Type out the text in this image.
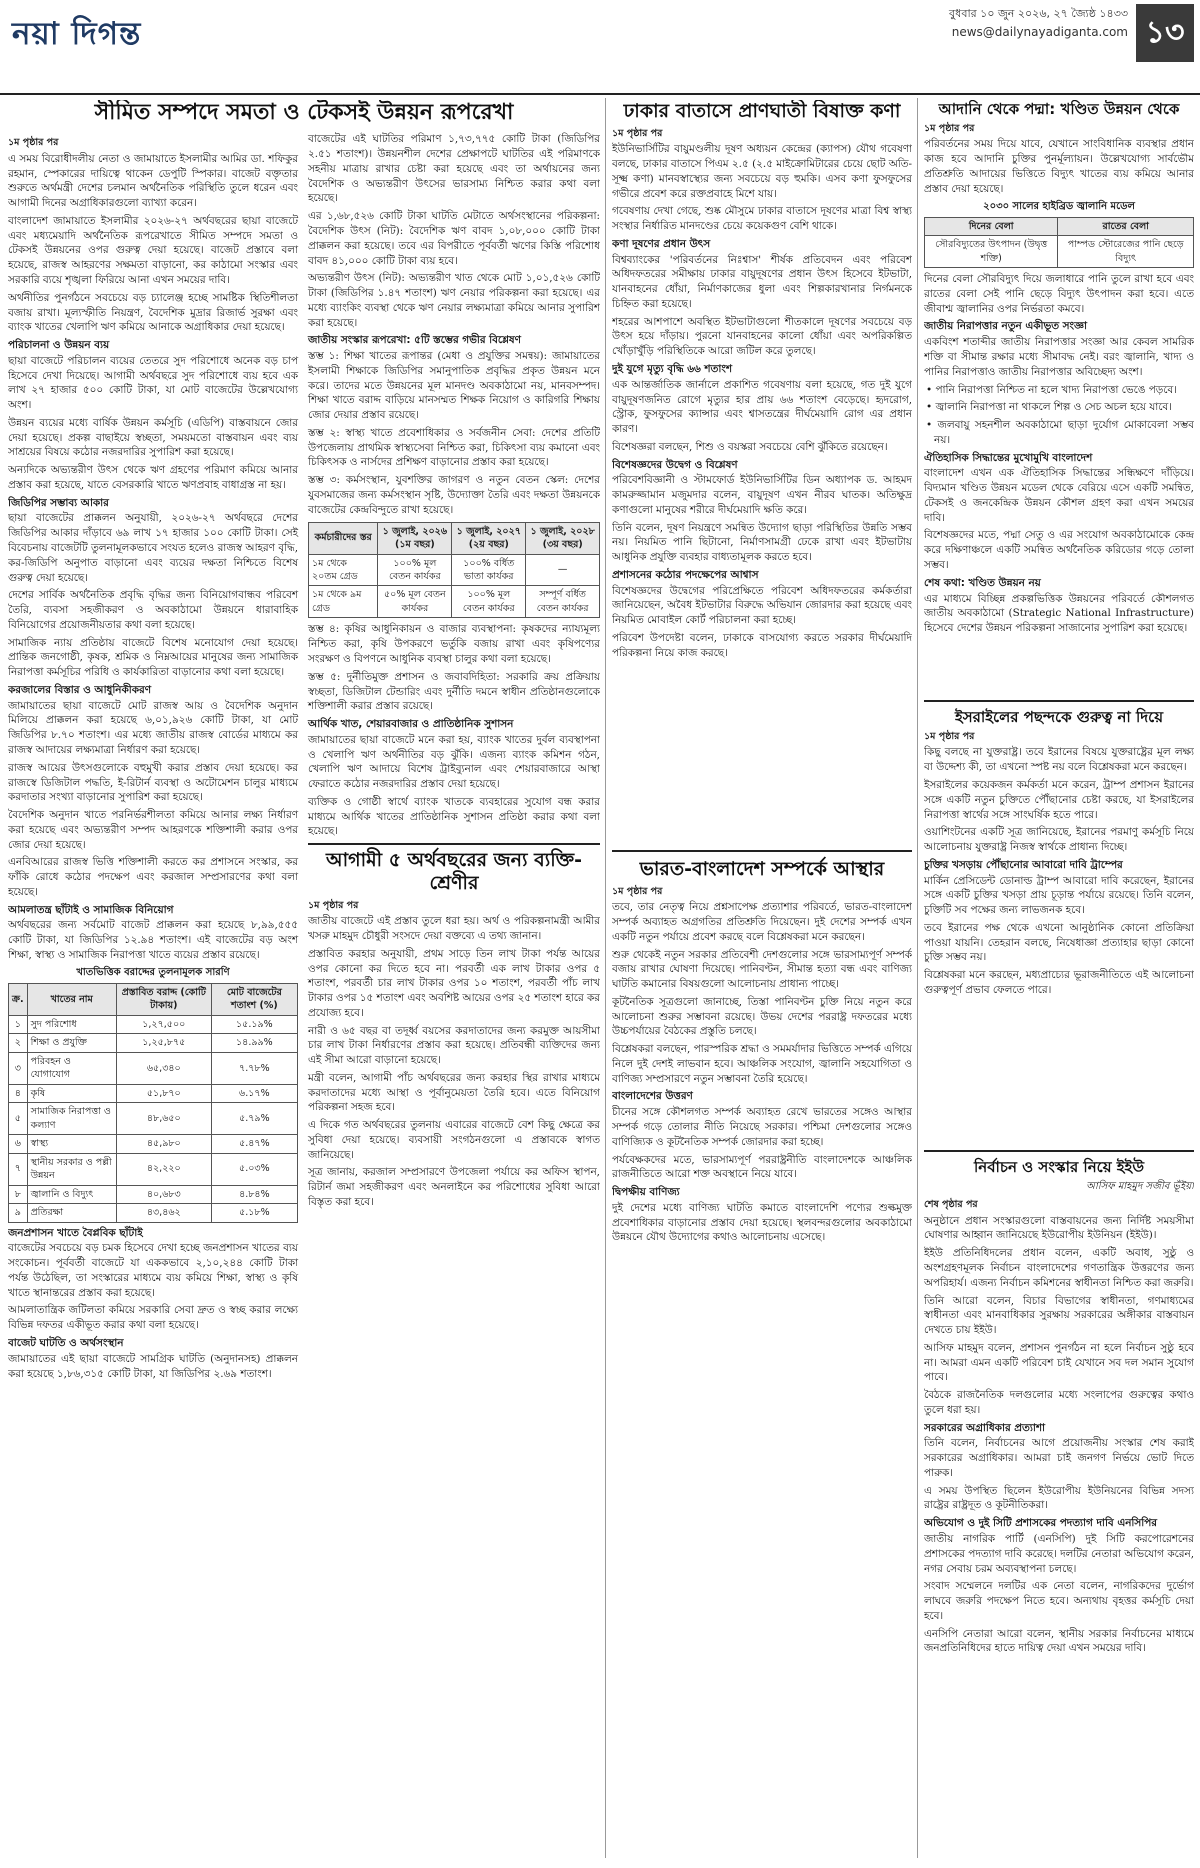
নয়া দিগন্ত
বুধবার ১০ জুন ২০২৬, ২৭ জ্যৈষ্ঠ ১৪৩৩
news@dailynayadiganta.com ১৩
সীমিত সম্পদে সমতা ও টেকসই উন্নয়ন রূপরেখা
১ম পৃষ্ঠার পর

এ সময় বিরোধীদলীয় নেতা ও জামায়াতে ইসলামীর আমির ডা. শফিকুর রহমান, স্পেকারের দায়িত্বে থাকেন ডেপুটি স্পিকার। বাজেট বক্তৃতার শুরুতে অর্থমন্ত্রী দেশের চলমান অর্থনৈতিক পরিস্থিতি তুলে ধরেন এবং আগামী দিনের অগ্রাধিকারগুলো ব্যাখ্যা করেন।

বাংলাদেশ জামায়াতে ইসলামীর ২০২৬-২৭ অর্থবছরের ছায়া বাজেটে এবং মধ্যমেয়াদি অর্থনৈতিক রূপরেখাতে সীমিত সম্পদে সমতা ও টেকসই উন্নয়নের ওপর গুরুত্ব দেয়া হয়েছে। বাজেট প্রস্তাবে বলা হয়েছে, রাজস্ব আহরণের সক্ষমতা বাড়ানো, কর কাঠামো সংস্কার এবং সরকারি ব্যয়ে শৃঙ্খলা ফিরিয়ে আনা এখন সময়ের দাবি।

অর্থনীতির পুনর্গঠনে সবচেয়ে বড় চ্যালেঞ্জ হচ্ছে সামষ্টিক স্থিতিশীলতা বজায় রাখা। মূল্যস্ফীতি নিয়ন্ত্রণ, বৈদেশিক মুদ্রার রিজার্ভ সুরক্ষা এবং ব্যাংক খাতের খেলাপি ঋণ কমিয়ে আনাকে অগ্রাধিকার দেয়া হয়েছে।

পরিচালনা ও উন্নয়ন ব্যয়

ছায়া বাজেটে পরিচালন ব্যয়ের তেতরে সুদ পরিশোধে অনেক বড় চাপ হিসেবে দেখা দিয়েছে। আগামী অর্থবছরে সুদ পরিশোধে ব্যয় হবে এক লাখ ২৭ হাজার ৫০০ কোটি টাকা, যা মোট বাজেটের উল্লেখযোগ্য অংশ।

উন্নয়ন ব্যয়ের মধ্যে বার্ষিক উন্নয়ন কর্মসূচি (এডিপি) বাস্তবায়নে জোর দেয়া হয়েছে। প্রকল্প বাছাইয়ে স্বচ্ছতা, সময়মতো বাস্তবায়ন এবং ব্যয় সাশ্রয়ের বিষয়ে কঠোর নজরদারির সুপারিশ করা হয়েছে।

অন্যদিকে অভ্যন্তরীণ উৎস থেকে ঋণ গ্রহণের পরিমাণ কমিয়ে আনার প্রস্তাব করা হয়েছে, যাতে বেসরকারি খাতে ঋণপ্রবাহ বাধাগ্রস্ত না হয়।

জিডিপির সম্ভাব্য আকার

ছায়া বাজেটের প্রাক্কলন অনুযায়ী, ২০২৬-২৭ অর্থবছরে দেশের জিডিপির আকার দাঁড়াবে ৬৯ লাখ ১৭ হাজার ১০০ কোটি টাকা। সেই বিবেচনায় বাজেটটি তুলনামূলকভাবে সংযত হলেও রাজস্ব আহরণ বৃদ্ধি, কর-জিডিপি অনুপাত বাড়ানো এবং ব্যয়ের দক্ষতা নিশ্চিতে বিশেষ গুরুত্ব দেয়া হয়েছে।

দেশের সার্বিক অর্থনৈতিক প্রবৃদ্ধি বৃদ্ধির জন্য বিনিয়োগবান্ধব পরিবেশ তৈরি, ব্যবসা সহজীকরণ ও অবকাঠামো উন্নয়নে ধারাবাহিক বিনিয়োগের প্রয়োজনীয়তার কথা বলা হয়েছে।

সামাজিক ন্যায় প্রতিষ্ঠায় বাজেটে বিশেষ মনোযোগ দেয়া হয়েছে। প্রান্তিক জনগোষ্ঠী, কৃষক, শ্রমিক ও নিম্নআয়ের মানুষের জন্য সামাজিক নিরাপত্তা কর্মসূচির পরিধি ও কার্যকারিতা বাড়ানোর কথা বলা হয়েছে।

করজালের বিস্তার ও আধুনিকীকরণ

জামায়াতের ছায়া বাজেটে মোট রাজস্ব আয় ও বৈদেশিক অনুদান মিলিয়ে প্রাক্কলন করা হয়েছে ৬,০১,৯২৬ কোটি টাকা, যা মোট জিডিপির ৮.৭০ শতাংশ। এর মধ্যে জাতীয় রাজস্ব বোর্ডের মাধ্যমে কর রাজস্ব আদায়ের লক্ষ্যমাত্রা নির্ধারণ করা হয়েছে।

রাজস্ব আয়ের উৎসগুলোকে বহুমুখী করার প্রস্তাব দেয়া হয়েছে। কর রাজস্বে ডিজিটাল পদ্ধতি, ই-রিটার্ন ব্যবস্থা ও অটোমেশন চালুর মাধ্যমে করদাতার সংখ্যা বাড়ানোর সুপারিশ করা হয়েছে।

বৈদেশিক অনুদান খাতে পরনির্ভরশীলতা কমিয়ে আনার লক্ষ্য নির্ধারণ করা হয়েছে এবং অভ্যন্তরীণ সম্পদ আহরণকে শক্তিশালী করার ওপর জোর দেয়া হয়েছে।

এনবিআরের রাজস্ব ভিত্তি শক্তিশালী করতে কর প্রশাসনে সংস্কার, কর ফাঁকি রোধে কঠোর পদক্ষেপ এবং করজাল সম্প্রসারণের কথা বলা হয়েছে।

আমলাতন্ত্র ছাঁটাই ও সামাজিক বিনিয়োগ

অর্থবছরের জন্য সর্বমোট বাজেট প্রাক্কলন করা হয়েছে ৮,৯৯,৫৫৫ কোটি টাকা, যা জিডিপির ১২.৯৪ শতাংশ। এই বাজেটের বড় অংশ শিক্ষা, স্বাস্থ্য ও সামাজিক নিরাপত্তা খাতে ব্যয়ের প্রস্তাব রয়েছে।

খাতভিত্তিক বরাদ্দের তুলনামূলক সারণি
ক্র.	খাতের নাম	প্রস্তাবিত বরাদ্দ (কোটি টাকায়)	মোট বাজেটের শতাংশ (%)
১	সুদ পরিশোধ	১,২৭,৫০০	১৫.১৯%
২	শিক্ষা ও প্রযুক্তি	১,২৫,৮৭৫	১৪.৯৯%
৩	পরিবহন ও যোগাযোগ	৬৫,৩৪০	৭.৭৮%
৪	কৃষি	৫১,৮৭০	৬.১৭%
৫	সামাজিক নিরাপত্তা ও কল্যাণ	৪৮,৬৫০	৫.৭৯%
৬	স্বাস্থ্য	৪৫,৯৮০	৫.৪৭%
৭	স্থানীয় সরকার ও পল্লী উন্নয়ন	৪২,২২০	৫.০৩%
৮	জ্বালানি ও বিদ্যুৎ	৪০,৬৮৩	৪.৮৪%
৯	প্রতিরক্ষা	৪৩,৪৬২	৫.১৮%
জনপ্রশাসন খাতে বৈপ্লবিক ছাঁটাই

বাজেটের সবচেয়ে বড় চমক হিসেবে দেখা হচ্ছে জনপ্রশাসন খাতের ব্যয় সংকোচন। পূর্ববর্তী বাজেটে যা এককভাবে ২,১০,২৪৪ কোটি টাকা পর্যন্ত উঠেছিল, তা সংস্কারের মাধ্যমে ব্যয় কমিয়ে শিক্ষা, স্বাস্থ্য ও কৃষি খাতে স্থানান্তরের প্রস্তাব করা হয়েছে।

আমলাতান্ত্রিক জটিলতা কমিয়ে সরকারি সেবা দ্রুত ও স্বচ্ছ করার লক্ষ্যে বিভিন্ন দফতর একীভূত করার কথা বলা হয়েছে।

বাজেট ঘাটতি ও অর্থসংস্থান

জামায়াতের এই ছায়া বাজেটে সামগ্রিক ঘাটতি (অনুদানসহ) প্রাক্কলন করা হয়েছে ১,৮৬,৩১৫ কোটি টাকা, যা জিডিপির ২.৬৯ শতাংশ।

বাজেটের এই ঘাটতির পরিমাণ ১,৭৩,৭৭৫ কোটি টাকা (জিডিপির ২.৫১ শতাংশ)। উন্নয়নশীল দেশের প্রেক্ষাপটে ঘাটতির এই পরিমাণকে সহনীয় মাত্রায় রাখার চেষ্টা করা হয়েছে এবং তা অর্থায়নের জন্য বৈদেশিক ও অভ্যন্তরীণ উৎসের ভারসাম্য নিশ্চিত করার কথা বলা হয়েছে।

এর ১,৬৮,৫২৬ কোটি টাকা ঘাটতি মেটাতে অর্থসংস্থানের পরিকল্পনা: বৈদেশিক উৎস (নিট): বৈদেশিক ঋণ বাবদ ১,০৮,০০০ কোটি টাকা প্রাক্কলন করা হয়েছে। তবে এর বিপরীতে পূর্ববর্তী ঋণের কিস্তি পরিশোধ বাবদ ৪১,০০০ কোটি টাকা ব্যয় হবে।

অভ্যন্তরীণ উৎস (নিট): অভ্যন্তরীণ খাত থেকে মোট ১,০১,৫২৬ কোটি টাকা (জিডিপির ১.৪৭ শতাংশ) ঋণ নেয়ার পরিকল্পনা করা হয়েছে। এর মধ্যে ব্যাংকিং ব্যবস্থা থেকে ঋণ নেয়ার লক্ষ্যমাত্রা কমিয়ে আনার সুপারিশ করা হয়েছে।

জাতীয় সংস্কার রূপরেখা: ৫টি স্তম্ভের গভীর বিশ্লেষণ

স্তম্ভ ১: শিক্ষা খাতের রূপান্তর (মেধা ও প্রযুক্তির সমন্বয়): জামায়াতের ইসলামী শিক্ষাকে জিডিপির সমানুপাতিক প্রবৃদ্ধির প্রকৃত উন্নয়ন মনে করে। তাদের মতে উন্নয়নের মূল মানদণ্ড অবকাঠামো নয়, মানবসম্পদ। শিক্ষা খাতে বরাদ্দ বাড়িয়ে মানসম্মত শিক্ষক নিয়োগ ও কারিগরি শিক্ষায় জোর দেয়ার প্রস্তাব রয়েছে।

স্তম্ভ ২: স্বাস্থ্য খাতে প্রবেশাধিকার ও সর্বজনীন সেবা: দেশের প্রতিটি উপজেলায় প্রাথমিক স্বাস্থ্যসেবা নিশ্চিত করা, চিকিৎসা ব্যয় কমানো এবং চিকিৎসক ও নার্সদের প্রশিক্ষণ বাড়ানোর প্রস্তাব করা হয়েছে।

স্তম্ভ ৩: কর্মসংস্থান, যুবশক্তির জাগরণ ও নতুন বেতন স্কেল: দেশের যুবসমাজের জন্য কর্মসংস্থান সৃষ্টি, উদ্যোক্তা তৈরি এবং দক্ষতা উন্নয়নকে বাজেটের কেন্দ্রবিন্দুতে রাখা হয়েছে।

কর্মচারীদের স্তর	১ জুলাই, ২০২৬ (১ম বছর)	১ জুলাই, ২০২৭ (২য় বছর)	১ জুলাই, ২০২৮ (৩য় বছর)
১ম থেকে ২০তম গ্রেড	১০০% মূল বেতন কার্যকর	১০০% বর্ধিত ভাতা কার্যকর	—
১ম থেকে ৯ম গ্রেড	৫০% মূল বেতন কার্যকর	১০০% মূল বেতন কার্যকর	সম্পূর্ণ বর্ধিত বেতন কার্যকর

স্তম্ভ ৪: কৃষির আধুনিকায়ন ও বাজার ব্যবস্থাপনা: কৃষকদের ন্যায্যমূল্য নিশ্চিত করা, কৃষি উপকরণে ভর্তুকি বজায় রাখা এবং কৃষিপণ্যের সংরক্ষণ ও বিপণনে আধুনিক ব্যবস্থা চালুর কথা বলা হয়েছে।

স্তম্ভ ৫: দুর্নীতিমুক্ত প্রশাসন ও জবাবদিহিতা: সরকারি ক্রয় প্রক্রিয়ায় স্বচ্ছতা, ডিজিটাল টেন্ডারিং এবং দুর্নীতি দমনে স্বাধীন প্রতিষ্ঠানগুলোকে শক্তিশালী করার প্রস্তাব রয়েছে।

আর্থিক খাত, শেয়ারবাজার ও প্রাতিষ্ঠানিক সুশাসন

জামায়াতের ছায়া বাজেটে মনে করা হয়, ব্যাংক খাতের দুর্বল ব্যবস্থাপনা ও খেলাপি ঋণ অর্থনীতির বড় ঝুঁকি। এজন্য ব্যাংক কমিশন গঠন, খেলাপি ঋণ আদায়ে বিশেষ ট্রাইব্যুনাল এবং শেয়ারবাজারে আস্থা ফেরাতে কঠোর নজরদারির প্রস্তাব দেয়া হয়েছে।

ব্যক্তিক ও গোষ্ঠী স্বার্থে ব্যাংক খাতকে ব্যবহারের সুযোগ বন্ধ করার মাধ্যমে আর্থিক খাতের প্রাতিষ্ঠানিক সুশাসন প্রতিষ্ঠা করার কথা বলা হয়েছে।

আগামী ৫ অর্থবছরের জন্য ব্যক্তি-শ্রেণীর
১ম পৃষ্ঠার পর

জাতীয় বাজেটে এই প্রস্তাব তুলে ধরা হয়। অর্থ ও পরিকল্পনামন্ত্রী আমীর খসরু মাহমুদ চৌধুরী সংসদে দেয়া বক্তব্যে এ তথ্য জানান।

প্রস্তাবিত করহার অনুযায়ী, প্রথম সাড়ে তিন লাখ টাকা পর্যন্ত আয়ের ওপর কোনো কর দিতে হবে না। পরবর্তী এক লাখ টাকার ওপর ৫ শতাংশ, পরবর্তী চার লাখ টাকার ওপর ১০ শতাংশ, পরবর্তী পাঁচ লাখ টাকার ওপর ১৫ শতাংশ এবং অবশিষ্ট আয়ের ওপর ২৫ শতাংশ হারে কর প্রযোজ্য হবে।

নারী ও ৬৫ বছর বা তদূর্ধ্ব বয়সের করদাতাদের জন্য করমুক্ত আয়সীমা চার লাখ টাকা নির্ধারণের প্রস্তাব করা হয়েছে। প্রতিবন্ধী ব্যক্তিদের জন্য এই সীমা আরো বাড়ানো হয়েছে।

মন্ত্রী বলেন, আগামী পাঁচ অর্থবছরের জন্য করহার স্থির রাখার মাধ্যমে করদাতাদের মধ্যে আস্থা ও পূর্বানুমেয়তা তৈরি হবে। এতে বিনিয়োগ পরিকল্পনা সহজ হবে।

এ দিকে গত অর্থবছরের তুলনায় এবারের বাজেটে বেশ কিছু ক্ষেত্রে কর সুবিধা দেয়া হয়েছে। ব্যবসায়ী সংগঠনগুলো এ প্রস্তাবকে স্বাগত জানিয়েছে।

সূত্র জানায়, করজাল সম্প্রসারণে উপজেলা পর্যায়ে কর অফিস স্থাপন, রিটার্ন জমা সহজীকরণ এবং অনলাইনে কর পরিশোধের সুবিধা আরো বিস্তৃত করা হবে।

ঢাকার বাতাসে প্রাণঘাতী বিষাক্ত কণা
১ম পৃষ্ঠার পর

ইউনিভার্সিটির বায়ুমণ্ডলীয় দূষণ অধ্যয়ন কেন্দ্রের (ক্যাপস) যৌথ গবেষণা বলছে, ঢাকার বাতাসে পিএম ২.৫ (২.৫ মাইক্রোমিটারের চেয়ে ছোট অতি-সূক্ষ্ম কণা) মানবস্বাস্থ্যের জন্য সবচেয়ে বড় হুমকি। এসব কণা ফুসফুসের গভীরে প্রবেশ করে রক্তপ্রবাহে মিশে যায়।

গবেষণায় দেখা গেছে, শুষ্ক মৌসুমে ঢাকার বাতাসে দূষণের মাত্রা বিশ্ব স্বাস্থ্য সংস্থার নির্ধারিত মানদণ্ডের চেয়ে কয়েকগুণ বেশি থাকে।

কণা দূষণের প্রধান উৎস

বিশ্বব্যাংকের 'পরিবর্তনের নিঃশ্বাস' শীর্ষক প্রতিবেদন এবং পরিবেশ অধিদফতরের সমীক্ষায় ঢাকার বায়ুদূষণের প্রধান উৎস হিসেবে ইটভাটা, যানবাহনের ধোঁয়া, নির্মাণকাজের ধুলা এবং শিল্পকারখানার নির্গমনকে চিহ্নিত করা হয়েছে।

শহরের আশপাশে অবস্থিত ইটভাটাগুলো শীতকালে দূষণের সবচেয়ে বড় উৎস হয়ে দাঁড়ায়। পুরনো যানবাহনের কালো ধোঁয়া এবং অপরিকল্পিত খোঁড়াখুঁড়ি পরিস্থিতিকে আরো জটিল করে তুলছে।

দুই যুগে মৃত্যু বৃদ্ধি ৬৬ শতাংশ

এক আন্তর্জাতিক জার্নালে প্রকাশিত গবেষণায় বলা হয়েছে, গত দুই যুগে বায়ুদূষণজনিত রোগে মৃত্যুর হার প্রায় ৬৬ শতাংশ বেড়েছে। হৃদরোগ, স্ট্রোক, ফুসফুসের ক্যান্সার এবং শ্বাসতন্ত্রের দীর্ঘমেয়াদি রোগ এর প্রধান কারণ।

বিশেষজ্ঞরা বলছেন, শিশু ও বয়স্করা সবচেয়ে বেশি ঝুঁকিতে রয়েছেন।

বিশেষজ্ঞদের উদ্বেগ ও বিশ্লেষণ

পরিবেশবিজ্ঞানী ও স্টামফোর্ড ইউনিভার্সিটির ডিন অধ্যাপক ড. আহমদ কামরুজ্জামান মজুমদার বলেন, বায়ুদূষণ এখন নীরব ঘাতক। অতিক্ষুদ্র কণাগুলো মানুষের শরীরে দীর্ঘমেয়াদি ক্ষতি করে।

তিনি বলেন, দূষণ নিয়ন্ত্রণে সমন্বিত উদ্যোগ ছাড়া পরিস্থিতির উন্নতি সম্ভব নয়। নিয়মিত পানি ছিটানো, নির্মাণসামগ্রী ঢেকে রাখা এবং ইটভাটায় আধুনিক প্রযুক্তি ব্যবহার বাধ্যতামূলক করতে হবে।

প্রশাসনের কঠোর পদক্ষেপের আশ্বাস

বিশেষজ্ঞদের উদ্বেগের পরিপ্রেক্ষিতে পরিবেশ অধিদফতরের কর্মকর্তারা জানিয়েছেন, অবৈধ ইটভাটার বিরুদ্ধে অভিযান জোরদার করা হয়েছে এবং নিয়মিত মোবাইল কোর্ট পরিচালনা করা হচ্ছে।

পরিবেশ উপদেষ্টা বলেন, ঢাকাকে বাসযোগ্য করতে সরকার দীর্ঘমেয়াদি পরিকল্পনা নিয়ে কাজ করছে।

ভারত-বাংলাদেশ সম্পর্কে আস্থার
১ম পৃষ্ঠার পর

তবে, তার নেতৃত্ব নিয়ে প্রশ্নসাপেক্ষ প্রত্যাশার পরিবর্তে, ভারত-বাংলাদেশ সম্পর্ক অব্যাহত অগ্রগতির প্রতিশ্রুতি দিয়েছেন। দুই দেশের সম্পর্ক এখন একটি নতুন পর্যায়ে প্রবেশ করছে বলে বিশ্লেষকরা মনে করছেন।

শুরু থেকেই নতুন সরকার প্রতিবেশী দেশগুলোর সঙ্গে ভারসাম্যপূর্ণ সম্পর্ক বজায় রাখার ঘোষণা দিয়েছে। পানিবণ্টন, সীমান্ত হত্যা বন্ধ এবং বাণিজ্য ঘাটতি কমানোর বিষয়গুলো আলোচনায় প্রাধান্য পাচ্ছে।

কূটনৈতিক সূত্রগুলো জানাচ্ছে, তিস্তা পানিবণ্টন চুক্তি নিয়ে নতুন করে আলোচনা শুরুর সম্ভাবনা রয়েছে। উভয় দেশের পররাষ্ট্র দফতরের মধ্যে উচ্চপর্যায়ের বৈঠকের প্রস্তুতি চলছে।

বিশ্লেষকরা বলছেন, পারস্পরিক শ্রদ্ধা ও সমমর্যাদার ভিত্তিতে সম্পর্ক এগিয়ে নিলে দুই দেশই লাভবান হবে। আঞ্চলিক সংযোগ, জ্বালানি সহযোগিতা ও বাণিজ্য সম্প্রসারণে নতুন সম্ভাবনা তৈরি হয়েছে।

বাংলাদেশের উত্তরণ

চীনের সঙ্গে কৌশলগত সম্পর্ক অব্যাহত রেখে ভারতের সঙ্গেও আস্থার সম্পর্ক গড়ে তোলার নীতি নিয়েছে সরকার। পশ্চিমা দেশগুলোর সঙ্গেও বাণিজ্যিক ও কূটনৈতিক সম্পর্ক জোরদার করা হচ্ছে।

পর্যবেক্ষকদের মতে, ভারসাম্যপূর্ণ পররাষ্ট্রনীতি বাংলাদেশকে আঞ্চলিক রাজনীতিতে আরো শক্ত অবস্থানে নিয়ে যাবে।

দ্বিপক্ষীয় বাণিজ্য

দুই দেশের মধ্যে বাণিজ্য ঘাটতি কমাতে বাংলাদেশি পণ্যের শুল্কমুক্ত প্রবেশাধিকার বাড়ানোর প্রস্তাব দেয়া হয়েছে। স্থলবন্দরগুলোর অবকাঠামো উন্নয়নে যৌথ উদ্যোগের কথাও আলোচনায় এসেছে।

আদানি থেকে পদ্মা: খণ্ডিত উন্নয়ন থেকে
১ম পৃষ্ঠার পর

পরিবর্তনের সময় দিয়ে যাবে, যেখানে সাংবিধানিক ব্যবস্থার প্রধান কাজ হবে আদানি চুক্তির পুনর্মূল্যায়ন। উল্লেখযোগ্য সার্বভৌম প্রতিশ্রুতি আদায়ের ভিত্তিতে বিদ্যুৎ খাতের ব্যয় কমিয়ে আনার প্রস্তাব দেয়া হয়েছে।

২০৩০ সালের হাইব্রিড জ্বালানি মডেল
দিনের বেলা	রাতের বেলা
সৌরবিদ্যুতের উৎপাদন (উদ্বৃত্ত শক্তি)	পাম্পড স্টোরেজের পানি ছেড়ে বিদ্যুৎ

দিনের বেলা সৌরবিদ্যুৎ দিয়ে জলাধারে পানি তুলে রাখা হবে এবং রাতের বেলা সেই পানি ছেড়ে বিদ্যুৎ উৎপাদন করা হবে। এতে জীবাশ্ম জ্বালানির ওপর নির্ভরতা কমবে।

জাতীয় নিরাপত্তার নতুন একীভূত সংজ্ঞা

একবিংশ শতাব্দীর জাতীয় নিরাপত্তার সংজ্ঞা আর কেবল সামরিক শক্তি বা সীমান্ত রক্ষার মধ্যে সীমাবদ্ধ নেই। বরং জ্বালানি, খাদ্য ও পানির নিরাপত্তাও জাতীয় নিরাপত্তার অবিচ্ছেদ্য অংশ।

• পানি নিরাপত্তা নিশ্চিত না হলে খাদ্য নিরাপত্তা ভেঙে পড়বে।

• জ্বালানি নিরাপত্তা না থাকলে শিল্প ও সেচ অচল হয়ে যাবে।

• জলবায়ু সহনশীল অবকাঠামো ছাড়া দুর্যোগ মোকাবেলা সম্ভব নয়।

ঐতিহাসিক সিদ্ধান্তের মুখোমুখি বাংলাদেশ

বাংলাদেশ এখন এক ঐতিহাসিক সিদ্ধান্তের সন্ধিক্ষণে দাঁড়িয়ে। বিদ্যমান খণ্ডিত উন্নয়ন মডেল থেকে বেরিয়ে এসে একটি সমন্বিত, টেকসই ও জনকেন্দ্রিক উন্নয়ন কৌশল গ্রহণ করা এখন সময়ের দাবি।

বিশেষজ্ঞদের মতে, পদ্মা সেতু ও এর সংযোগ অবকাঠামোকে কেন্দ্র করে দক্ষিণাঞ্চলে একটি সমন্বিত অর্থনৈতিক করিডোর গড়ে তোলা সম্ভব।

শেষ কথা: খণ্ডিত উন্নয়ন নয়

এর মাধ্যমে বিচ্ছিন্ন প্রকল্পভিত্তিক উন্নয়নের পরিবর্তে কৌশলগত জাতীয় অবকাঠামো (Strategic National Infrastructure) হিসেবে দেশের উন্নয়ন পরিকল্পনা সাজানোর সুপারিশ করা হয়েছে।

ইসরাইলের পছন্দকে গুরুত্ব না দিয়ে
১ম পৃষ্ঠার পর

কিছু বলছে না যুক্তরাষ্ট্র। তবে ইরানের বিষয়ে যুক্তরাষ্ট্রের মূল লক্ষ্য বা উদ্দেশ্য কী, তা এখনো স্পষ্ট নয় বলে বিশ্লেষকরা মনে করছেন।

ইসরাইলের কয়েকজন কর্মকর্তা মনে করেন, ট্রাম্প প্রশাসন ইরানের সঙ্গে একটি নতুন চুক্তিতে পৌঁছানোর চেষ্টা করছে, যা ইসরাইলের নিরাপত্তা স্বার্থের সঙ্গে সাংঘর্ষিক হতে পারে।

ওয়াশিংটনের একটি সূত্র জানিয়েছে, ইরানের পরমাণু কর্মসূচি নিয়ে আলোচনায় যুক্তরাষ্ট্র নিজস্ব স্বার্থকে প্রাধান্য দিচ্ছে।

চুক্তির খসড়ায় পৌঁছানোর আবারো দাবি ট্রাম্পের

মার্কিন প্রেসিডেন্ট ডোনাল্ড ট্রাম্প আবারো দাবি করেছেন, ইরানের সঙ্গে একটি চুক্তির খসড়া প্রায় চূড়ান্ত পর্যায়ে রয়েছে। তিনি বলেন, চুক্তিটি সব পক্ষের জন্য লাভজনক হবে।

তবে ইরানের পক্ষ থেকে এখনো আনুষ্ঠানিক কোনো প্রতিক্রিয়া পাওয়া যায়নি। তেহরান বলছে, নিষেধাজ্ঞা প্রত্যাহার ছাড়া কোনো চুক্তি সম্ভব নয়।

বিশ্লেষকরা মনে করছেন, মধ্যপ্রাচ্যের ভূরাজনীতিতে এই আলোচনা গুরুত্বপূর্ণ প্রভাব ফেলতে পারে।

নির্বাচন ও সংস্কার নিয়ে ইইউ
আসিফ মাহমুদ সজীব ভূঁইয়া
শেষ পৃষ্ঠার পর

অনুষ্ঠানে প্রধান সংস্কারগুলো বাস্তবায়নের জন্য নিৰ্দিষ্ট সময়সীমা ঘোষণার আহ্বান জানিয়েছে ইউরোপীয় ইউনিয়ন (ইইউ)।

ইইউ প্রতিনিধিদলের প্রধান বলেন, একটি অবাধ, সুষ্ঠু ও অংশগ্রহণমূলক নির্বাচন বাংলাদেশের গণতান্ত্রিক উত্তরণের জন্য অপরিহার্য। এজন্য নির্বাচন কমিশনের স্বাধীনতা নিশ্চিত করা জরুরি।

তিনি আরো বলেন, বিচার বিভাগের স্বাধীনতা, গণমাধ্যমের স্বাধীনতা এবং মানবাধিকার সুরক্ষায় সরকারের অঙ্গীকার বাস্তবায়ন দেখতে চায় ইইউ।

আসিফ মাহমুদ বলেন, প্রশাসন পুনর্গঠন না হলে নির্বাচন সুষ্ঠু হবে না। আমরা এমন একটি পরিবেশ চাই যেখানে সব দল সমান সুযোগ পাবে।

বৈঠকে রাজনৈতিক দলগুলোর মধ্যে সংলাপের গুরুত্বের কথাও তুলে ধরা হয়।

সরকারের অগ্রাধিকার প্রত্যাশা

তিনি বলেন, নির্বাচনের আগে প্রয়োজনীয় সংস্কার শেষ করাই সরকারের অগ্রাধিকার। আমরা চাই জনগণ নির্ভয়ে ভোট দিতে পারুক।

এ সময় উপস্থিত ছিলেন ইউরোপীয় ইউনিয়নের বিভিন্ন সদস্য রাষ্ট্রের রাষ্ট্রদূত ও কূটনীতিকরা।

অভিযোগ ও দুই সিটি প্রশাসকের পদত্যাগ দাবি এনসিপির

জাতীয় নাগরিক পার্টি (এনসিপি) দুই সিটি করপোরেশনের প্রশাসকের পদত্যাগ দাবি করেছে। দলটির নেতারা অভিযোগ করেন, নগর সেবায় চরম অব্যবস্থাপনা চলছে।

সংবাদ সম্মেলনে দলটির এক নেতা বলেন, নাগরিকদের দুর্ভোগ লাঘবে জরুরি পদক্ষেপ নিতে হবে। অন্যথায় বৃহত্তর কর্মসূচি দেয়া হবে।

এনসিপি নেতারা আরো বলেন, স্থানীয় সরকার নির্বাচনের মাধ্যমে জনপ্রতিনিধিদের হাতে দায়িত্ব দেয়া এখন সময়ের দাবি।
